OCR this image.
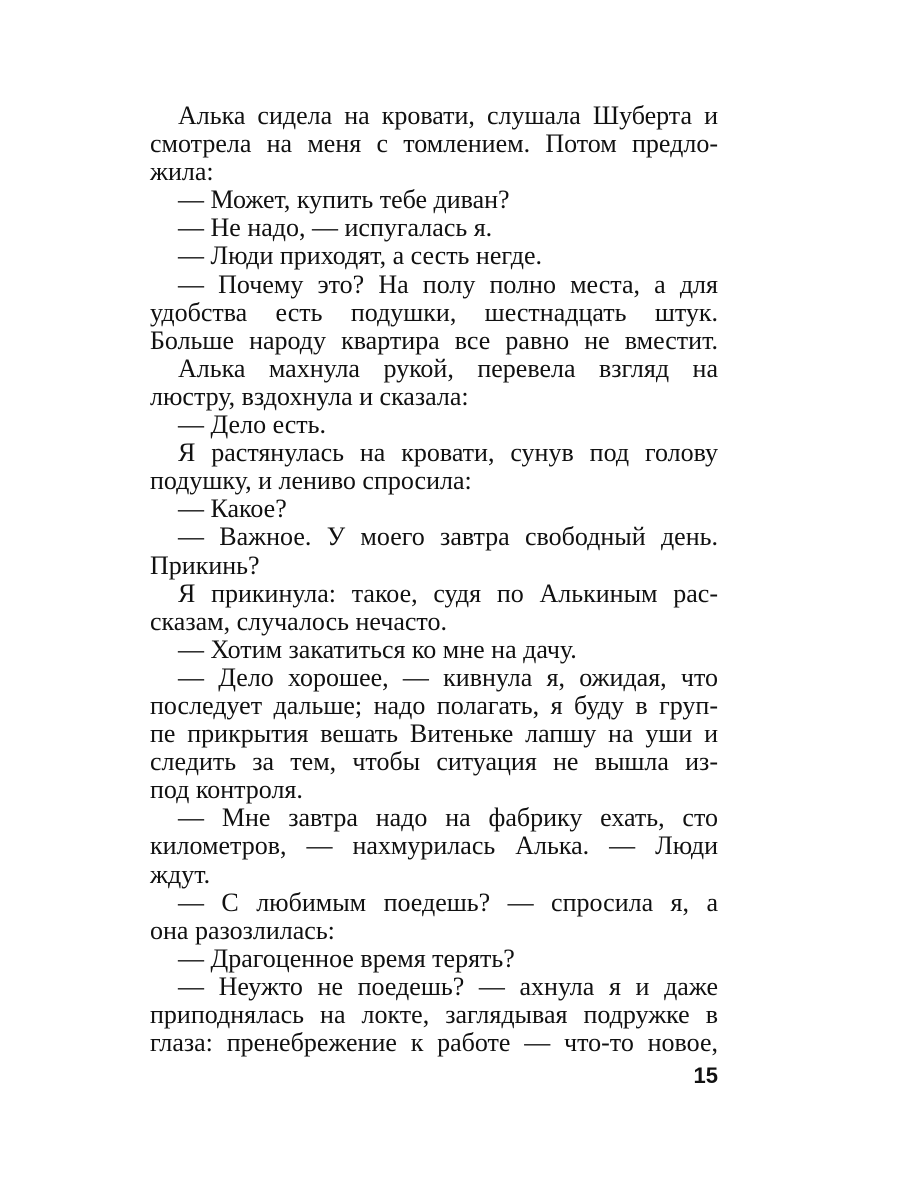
Алька сидела на кровати, слушала Шуберта и
смотрела на меня с томлением. Потом предло-
жила:
— Может, купить тебе диван?
— Не надо, — испугалась я.
— Люди приходят, а сесть негде.
— Почему это? На полу полно места, а для
удобства есть подушки, шестнадцать штук.
Больше народу квартира все равно не вместит.
Алька махнула рукой, перевела взгляд на
люстру, вздохнула и сказала:
— Дело есть.
Я растянулась на кровати, сунув под голову
подушку, и лениво спросила:
— Какое?
— Важное. У моего завтра свободный день.
Прикинь?
Я прикинула: такое, судя по Алькиным рас-
сказам, случалось нечасто.
— Хотим закатиться ко мне на дачу.
— Дело хорошее, — кивнула я, ожидая, что
последует дальше; надо полагать, я буду в груп-
пе прикрытия вешать Витеньке лапшу на уши и
следить за тем, чтобы ситуация не вышла из-
под контроля.
— Мне завтра надо на фабрику ехать, сто
километров, — нахмурилась Алька. — Люди
ждут.
— С любимым поедешь? — спросила я, а
она разозлилась:
— Драгоценное время терять?
— Неужто не поедешь? — ахнула я и даже
приподнялась на локте, заглядывая подружке в
глаза: пренебрежение к работе — что-то новое,
15
